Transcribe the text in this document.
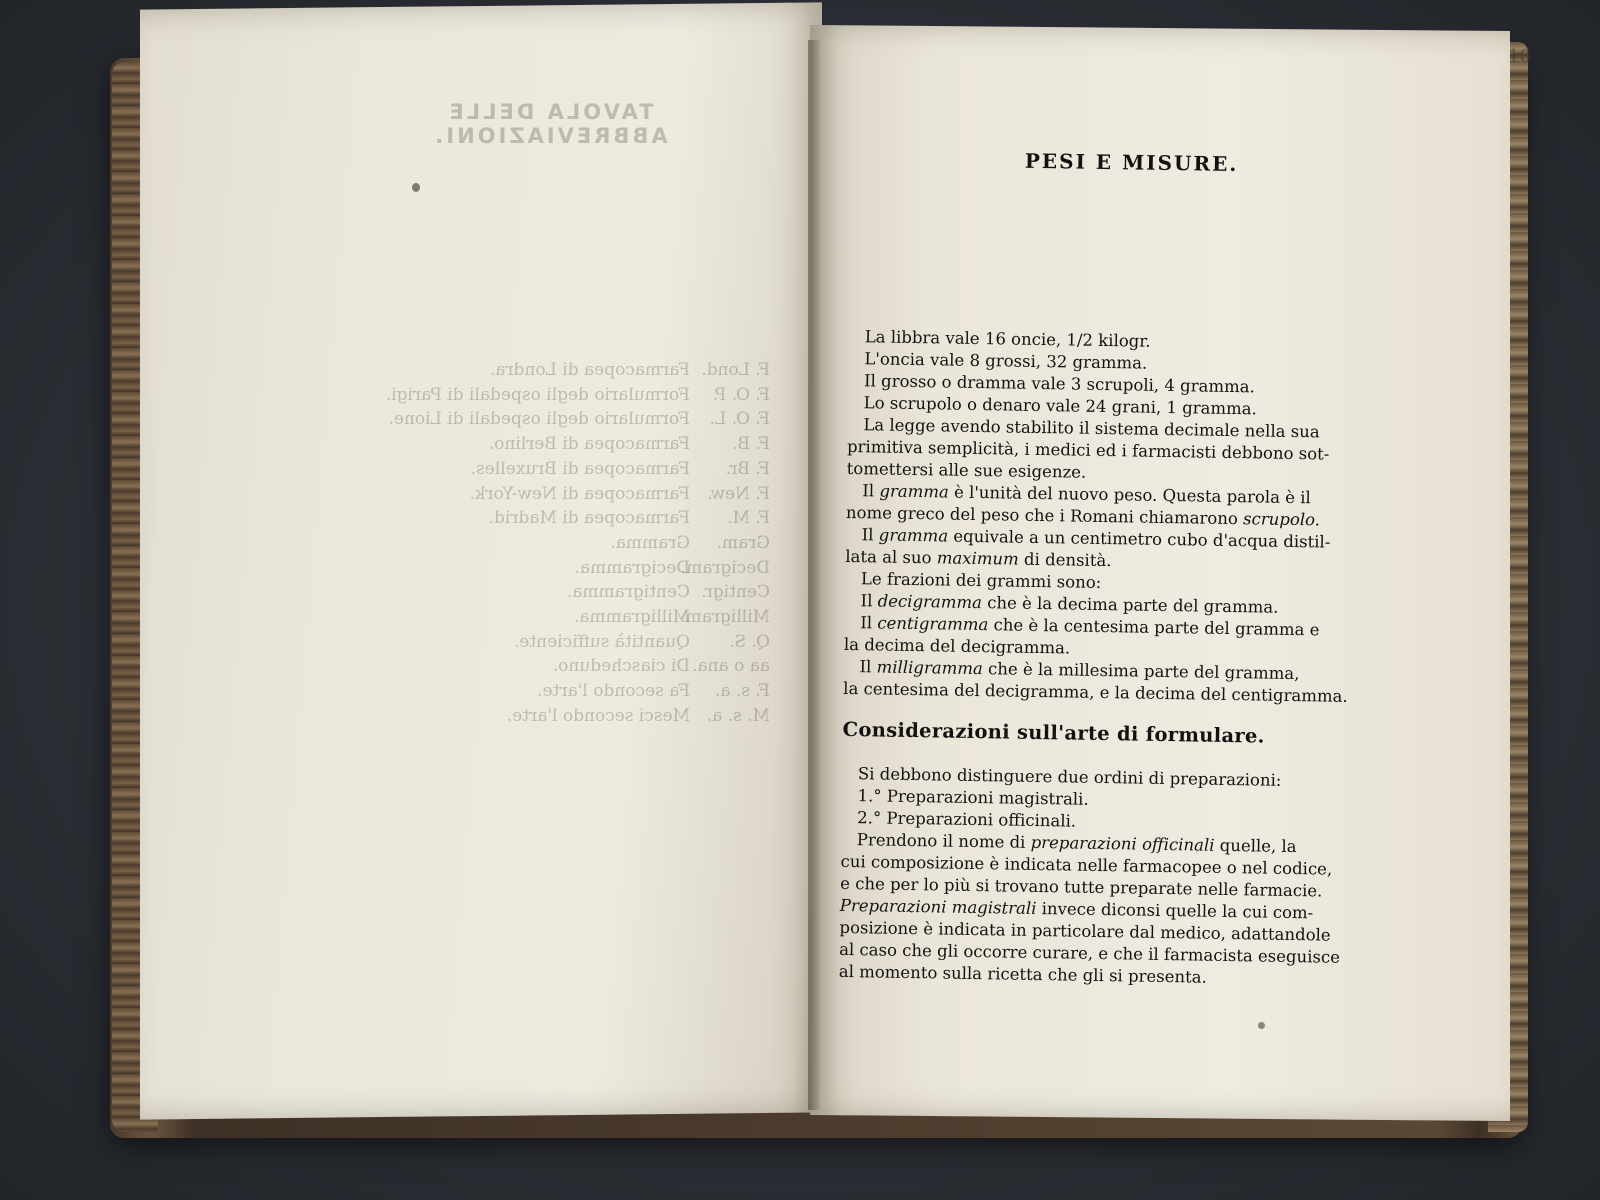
TAVOLA DELLE ABBREVIAZIONI.
F. Lond.
Farmacopea di Londra.
F. O. P.
Formulario degli ospedali di Parigi.
F. O. L.
Formulario degli ospedali di Lione.
F. B.
Farmacopea di Berlino.
F. Br.
Farmacopea di Bruxelles.
F. New.
Farmacopea di New-York.
F. M.
Farmacopea di Madrid.
Gram.
Gramma.
Decigram.
Decigramma.
Centigr.
Centigramma.
Milligram.
Milligramma.
Q. S.
Quantità sufficiente.
aa o ana.
Di ciascheduno.
F. s. a.
Fa secondo l'arte.
M. s. a.
Mesci secondo l'arte.
10
PESI E MISURE.
La libbra vale 16 oncie, 1/2 kilogr.
L'oncia vale 8 grossi, 32 gramma.
Il grosso o dramma vale 3 scrupoli, 4 gramma.
Lo scrupolo o denaro vale 24 grani, 1 gramma.
La legge avendo stabilito il sistema decimale nella sua
primitiva semplicità, i medici ed i farmacisti debbono sot-
tomettersi alle sue esigenze.
Il gramma è l'unità del nuovo peso. Questa parola è il
nome greco del peso che i Romani chiamarono scrupolo.
Il gramma equivale a un centimetro cubo d'acqua distil-
lata al suo maximum di densità.
Le frazioni dei grammi sono:
Il decigramma che è la decima parte del gramma.
Il centigramma che è la centesima parte del gramma e
la decima del decigramma.
Il milligramma che è la millesima parte del gramma,
la centesima del decigramma, e la decima del centigramma.
Considerazioni sull'arte di formulare.
Si debbono distinguere due ordini di preparazioni:
1.° Preparazioni magistrali.
2.° Preparazioni officinali.
Prendono il nome di preparazioni officinali quelle, la
cui composizione è indicata nelle farmacopee o nel codice,
e che per lo più si trovano tutte preparate nelle farmacie.
Preparazioni magistrali invece diconsi quelle la cui com-
posizione è indicata in particolare dal medico, adattandole
al caso che gli occorre curare, e che il farmacista eseguisce
al momento sulla ricetta che gli si presenta.
